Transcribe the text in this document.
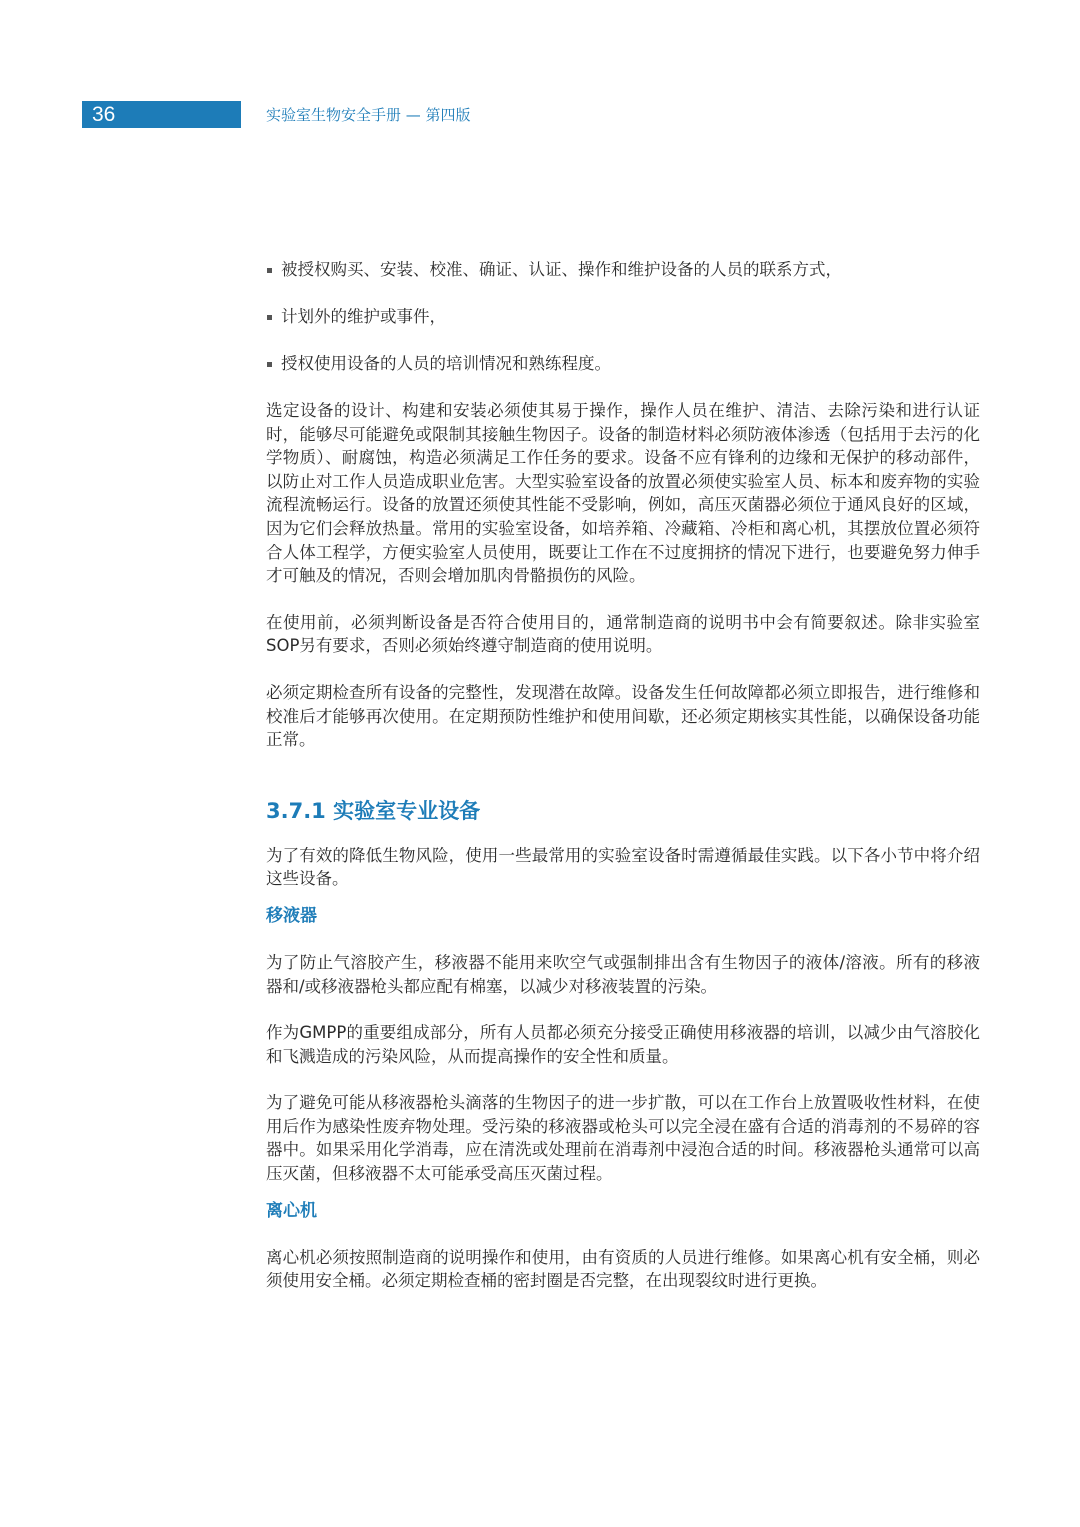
36	实验室生物安全手册 — 第四版
被授权购买、安装、校准、确证、认证、操作和维护设备的人员的联系方式，
计划外的维护或事件，
授权使用设备的人员的培训情况和熟练程度。

选定设备的设计、构建和安装必须使其易于操作，操作人员在维护、清洁、去除污染和进行认证时，能够尽可能避免或限制其接触生物因子。设备的制造材料必须防液体渗透（包括用于去污的化学物质）、耐腐蚀，构造必须满足工作任务的要求。设备不应有锋利的边缘和无保护的移动部件，以防止对工作人员造成职业危害。大型实验室设备的放置必须使实验室人员、标本和废弃物的实验流程流畅运行。设备的放置还须使其性能不受影响，例如，高压灭菌器必须位于通风良好的区域，因为它们会释放热量。常用的实验室设备，如培养箱、冷藏箱、冷柜和离心机，其摆放位置必须符合人体工程学，方便实验室人员使用，既要让工作在不过度拥挤的情况下进行，也要避免努力伸手才可触及的情况，否则会增加肌肉骨骼损伤的风险。

在使用前，必须判断设备是否符合使用目的，通常制造商的说明书中会有简要叙述。除非实验室SOP另有要求，否则必须始终遵守制造商的使用说明。

必须定期检查所有设备的完整性，发现潜在故障。设备发生任何故障都必须立即报告，进行维修和校准后才能够再次使用。在定期预防性维护和使用间歇，还必须定期核实其性能，以确保设备功能正常。

3.7.1 实验室专业设备

为了有效的降低生物风险，使用一些最常用的实验室设备时需遵循最佳实践。以下各小节中将介绍这些设备。

移液器

为了防止气溶胶产生，移液器不能用来吹空气或强制排出含有生物因子的液体/溶液。所有的移液器和/或移液器枪头都应配有棉塞，以减少对移液装置的污染。

作为GMPP的重要组成部分，所有人员都必须充分接受正确使用移液器的培训，以减少由气溶胶化和飞溅造成的污染风险，从而提高操作的安全性和质量。

为了避免可能从移液器枪头滴落的生物因子的进一步扩散，可以在工作台上放置吸收性材料，在使用后作为感染性废弃物处理。受污染的移液器或枪头可以完全浸在盛有合适的消毒剂的不易碎的容器中。如果采用化学消毒，应在清洗或处理前在消毒剂中浸泡合适的时间。移液器枪头通常可以高压灭菌，但移液器不太可能承受高压灭菌过程。

离心机

离心机必须按照制造商的说明操作和使用，由有资质的人员进行维修。如果离心机有安全桶，则必须使用安全桶。必须定期检查桶的密封圈是否完整，在出现裂纹时进行更换。
